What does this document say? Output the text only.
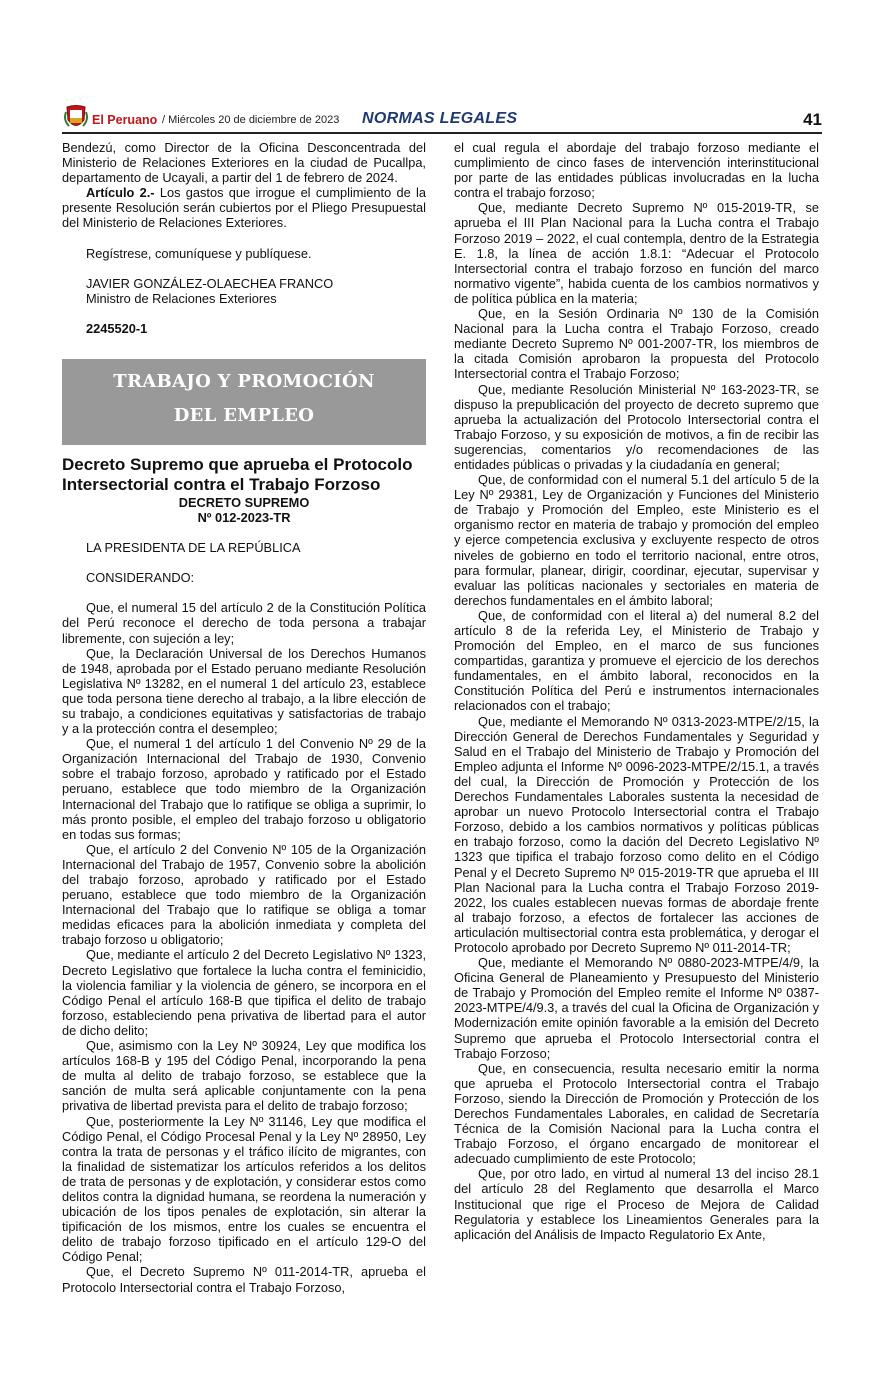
El Peruano / Miércoles 20 de diciembre de 2023 NORMAS LEGALES	41

Bendezú, como Director de la Oficina Desconcentrada del Ministerio de Relaciones Exteriores en la ciudad de Pucallpa, departamento de Ucayali, a partir del 1 de febrero de 2024.

Artículo 2.- Los gastos que irrogue el cumplimiento de la presente Resolución serán cubiertos por el Pliego Presupuestal del Ministerio de Relaciones Exteriores.

Regístrese, comuníquese y publíquese.

JAVIER GONZÁLEZ-OLAECHEA FRANCO

Ministro de Relaciones Exteriores

2245520-1

TRABAJO Y PROMOCIÓN
DEL EMPLEO

Decreto Supremo que aprueba el Protocolo Intersectorial contra el Trabajo Forzoso

DECRETO SUPREMO

Nº 012-2023-TR

LA PRESIDENTA DE LA REPÚBLICA

CONSIDERANDO:

Que, el numeral 15 del artículo 2 de la Constitución Política del Perú reconoce el derecho de toda persona a trabajar libremente, con sujeción a ley;

Que, la Declaración Universal de los Derechos Humanos de 1948, aprobada por el Estado peruano mediante Resolución Legislativa Nº 13282, en el numeral 1 del artículo 23, establece que toda persona tiene derecho al trabajo, a la libre elección de su trabajo, a condiciones equitativas y satisfactorias de trabajo y a la protección contra el desempleo;

Que, el numeral 1 del artículo 1 del Convenio Nº 29 de la Organización Internacional del Trabajo de 1930, Convenio sobre el trabajo forzoso, aprobado y ratificado por el Estado peruano, establece que todo miembro de la Organización Internacional del Trabajo que lo ratifique se obliga a suprimir, lo más pronto posible, el empleo del trabajo forzoso u obligatorio en todas sus formas;

Que, el artículo 2 del Convenio Nº 105 de la Organización Internacional del Trabajo de 1957, Convenio sobre la abolición del trabajo forzoso, aprobado y ratificado por el Estado peruano, establece que todo miembro de la Organización Internacional del Trabajo que lo ratifique se obliga a tomar medidas eficaces para la abolición inmediata y completa del trabajo forzoso u obligatorio;

Que, mediante el artículo 2 del Decreto Legislativo Nº 1323, Decreto Legislativo que fortalece la lucha contra el feminicidio, la violencia familiar y la violencia de género, se incorpora en el Código Penal el artículo 168-B que tipifica el delito de trabajo forzoso, estableciendo pena privativa de libertad para el autor de dicho delito;

Que, asimismo con la Ley Nº 30924, Ley que modifica los artículos 168-B y 195 del Código Penal, incorporando la pena de multa al delito de trabajo forzoso, se establece que la sanción de multa será aplicable conjuntamente con la pena privativa de libertad prevista para el delito de trabajo forzoso;

Que, posteriormente la Ley Nº 31146, Ley que modifica el Código Penal, el Código Procesal Penal y la Ley Nº 28950, Ley contra la trata de personas y el tráfico ilícito de migrantes, con la finalidad de sistematizar los artículos referidos a los delitos de trata de personas y de explotación, y considerar estos como delitos contra la dignidad humana, se reordena la numeración y ubicación de los tipos penales de explotación, sin alterar la tipificación de los mismos, entre los cuales se encuentra el delito de trabajo forzoso tipificado en el artículo 129-O del Código Penal;

Que, el Decreto Supremo Nº 011-2014-TR, aprueba el Protocolo Intersectorial contra el Trabajo Forzoso,

el cual regula el abordaje del trabajo forzoso mediante el cumplimiento de cinco fases de intervención interinstitucional por parte de las entidades públicas involucradas en la lucha contra el trabajo forzoso;

Que, mediante Decreto Supremo Nº 015-2019-TR, se aprueba el III Plan Nacional para la Lucha contra el Trabajo Forzoso 2019 – 2022, el cual contempla, dentro de la Estrategia E. 1.8, la línea de acción 1.8.1: “Adecuar el Protocolo Intersectorial contra el trabajo forzoso en función del marco normativo vigente”, habida cuenta de los cambios normativos y de política pública en la materia;

Que, en la Sesión Ordinaria Nº 130 de la Comisión Nacional para la Lucha contra el Trabajo Forzoso, creado mediante Decreto Supremo Nº 001-2007-TR, los miembros de la citada Comisión aprobaron la propuesta del Protocolo Intersectorial contra el Trabajo Forzoso;

Que, mediante Resolución Ministerial Nº 163-2023-TR, se dispuso la prepublicación del proyecto de decreto supremo que aprueba la actualización del Protocolo Intersectorial contra el Trabajo Forzoso, y su exposición de motivos, a fin de recibir las sugerencias, comentarios y/o recomendaciones de las entidades públicas o privadas y la ciudadanía en general;

Que, de conformidad con el numeral 5.1 del artículo 5 de la Ley Nº 29381, Ley de Organización y Funciones del Ministerio de Trabajo y Promoción del Empleo, este Ministerio es el organismo rector en materia de trabajo y promoción del empleo y ejerce competencia exclusiva y excluyente respecto de otros niveles de gobierno en todo el territorio nacional, entre otros, para formular, planear, dirigir, coordinar, ejecutar, supervisar y evaluar las políticas nacionales y sectoriales en materia de derechos fundamentales en el ámbito laboral;

Que, de conformidad con el literal a) del numeral 8.2 del artículo 8 de la referida Ley, el Ministerio de Trabajo y Promoción del Empleo, en el marco de sus funciones compartidas, garantiza y promueve el ejercicio de los derechos fundamentales, en el ámbito laboral, reconocidos en la Constitución Política del Perú e instrumentos internacionales relacionados con el trabajo;

Que, mediante el Memorando Nº 0313-2023-MTPE/2/15, la Dirección General de Derechos Fundamentales y Seguridad y Salud en el Trabajo del Ministerio de Trabajo y Promoción del Empleo adjunta el Informe Nº 0096-2023-MTPE/2/15.1, a través del cual, la Dirección de Promoción y Protección de los Derechos Fundamentales Laborales sustenta la necesidad de aprobar un nuevo Protocolo Intersectorial contra el Trabajo Forzoso, debido a los cambios normativos y políticas públicas en trabajo forzoso, como la dación del Decreto Legislativo Nº 1323 que tipifica el trabajo forzoso como delito en el Código Penal y el Decreto Supremo Nº 015-2019-TR que aprueba el III Plan Nacional para la Lucha contra el Trabajo Forzoso 2019-2022, los cuales establecen nuevas formas de abordaje frente al trabajo forzoso, a efectos de fortalecer las acciones de articulación multisectorial contra esta problemática, y derogar el Protocolo aprobado por Decreto Supremo Nº 011-2014-TR;

Que, mediante el Memorando Nº 0880-2023-MTPE/4/9, la Oficina General de Planeamiento y Presupuesto del Ministerio de Trabajo y Promoción del Empleo remite el Informe Nº 0387-2023-MTPE/4/9.3, a través del cual la Oficina de Organización y Modernización emite opinión favorable a la emisión del Decreto Supremo que aprueba el Protocolo Intersectorial contra el Trabajo Forzoso;

Que, en consecuencia, resulta necesario emitir la norma que aprueba el Protocolo Intersectorial contra el Trabajo Forzoso, siendo la Dirección de Promoción y Protección de los Derechos Fundamentales Laborales, en calidad de Secretaría Técnica de la Comisión Nacional para la Lucha contra el Trabajo Forzoso, el órgano encargado de monitorear el adecuado cumplimiento de este Protocolo;

Que, por otro lado, en virtud al numeral 13 del inciso 28.1 del artículo 28 del Reglamento que desarrolla el Marco Institucional que rige el Proceso de Mejora de Calidad Regulatoria y establece los Lineamientos Generales para la aplicación del Análisis de Impacto Regulatorio Ex Ante,
